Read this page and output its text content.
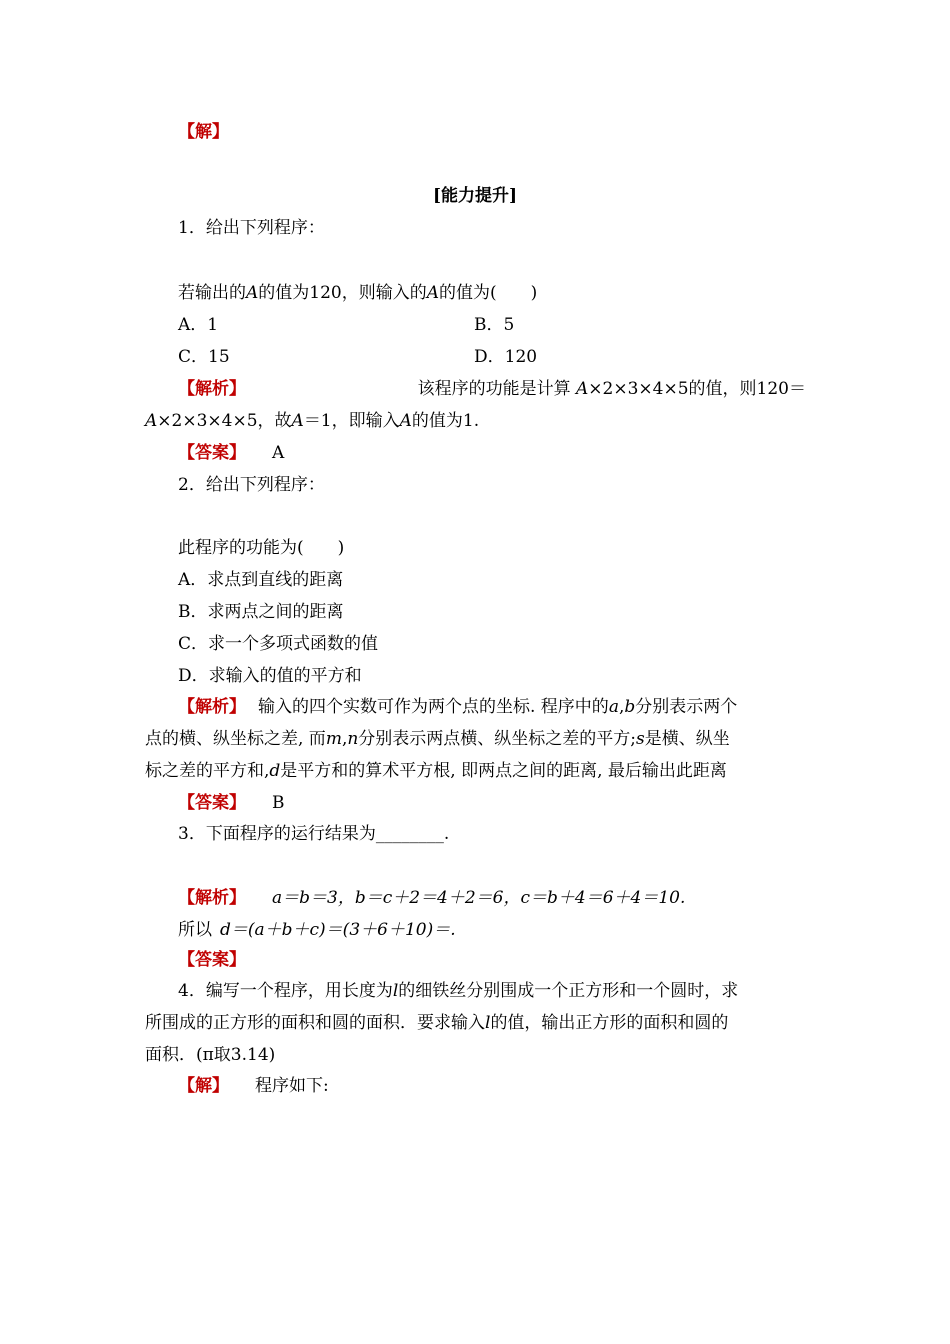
【解】
[能力提升]
1．给出下列程序：
若输出的A的值为120，则输入的A的值为(　　)
A．1	B．5
C．15	D．120
【解析】	该程序的功能是计算 A×2×3×4×5的值，则120＝
A×2×3×4×5，故A＝1，即输入A的值为1.
【答案】 A
2．给出下列程序：
此程序的功能为(　　)
A．求点到直线的距离
B．求两点之间的距离
C．求一个多项式函数的值
D．求输入的值的平方和
【解析】 输入的四个实数可作为两个点的坐标. 程序中的a,b分别表示两个
点的横、纵坐标之差, 而m,n分别表示两点横、纵坐标之差的平方;s是横、纵坐
标之差的平方和,d是平方和的算术平方根, 即两点之间的距离, 最后输出此距离
【答案】 B
3．下面程序的运行结果为________.
【解析】 a＝b＝3，b＝c＋2＝4＋2＝6，c＝b＋4＝6＋4＝10.
所以 d＝(a＋b＋c)＝(3＋6＋10)＝.
【答案】
4．编写一个程序，用长度为l的细铁丝分别围成一个正方形和一个圆时，求
所围成的正方形的面积和圆的面积．要求输入l的值，输出正方形的面积和圆的
面积．(π取3.14)
【解】 程序如下:
